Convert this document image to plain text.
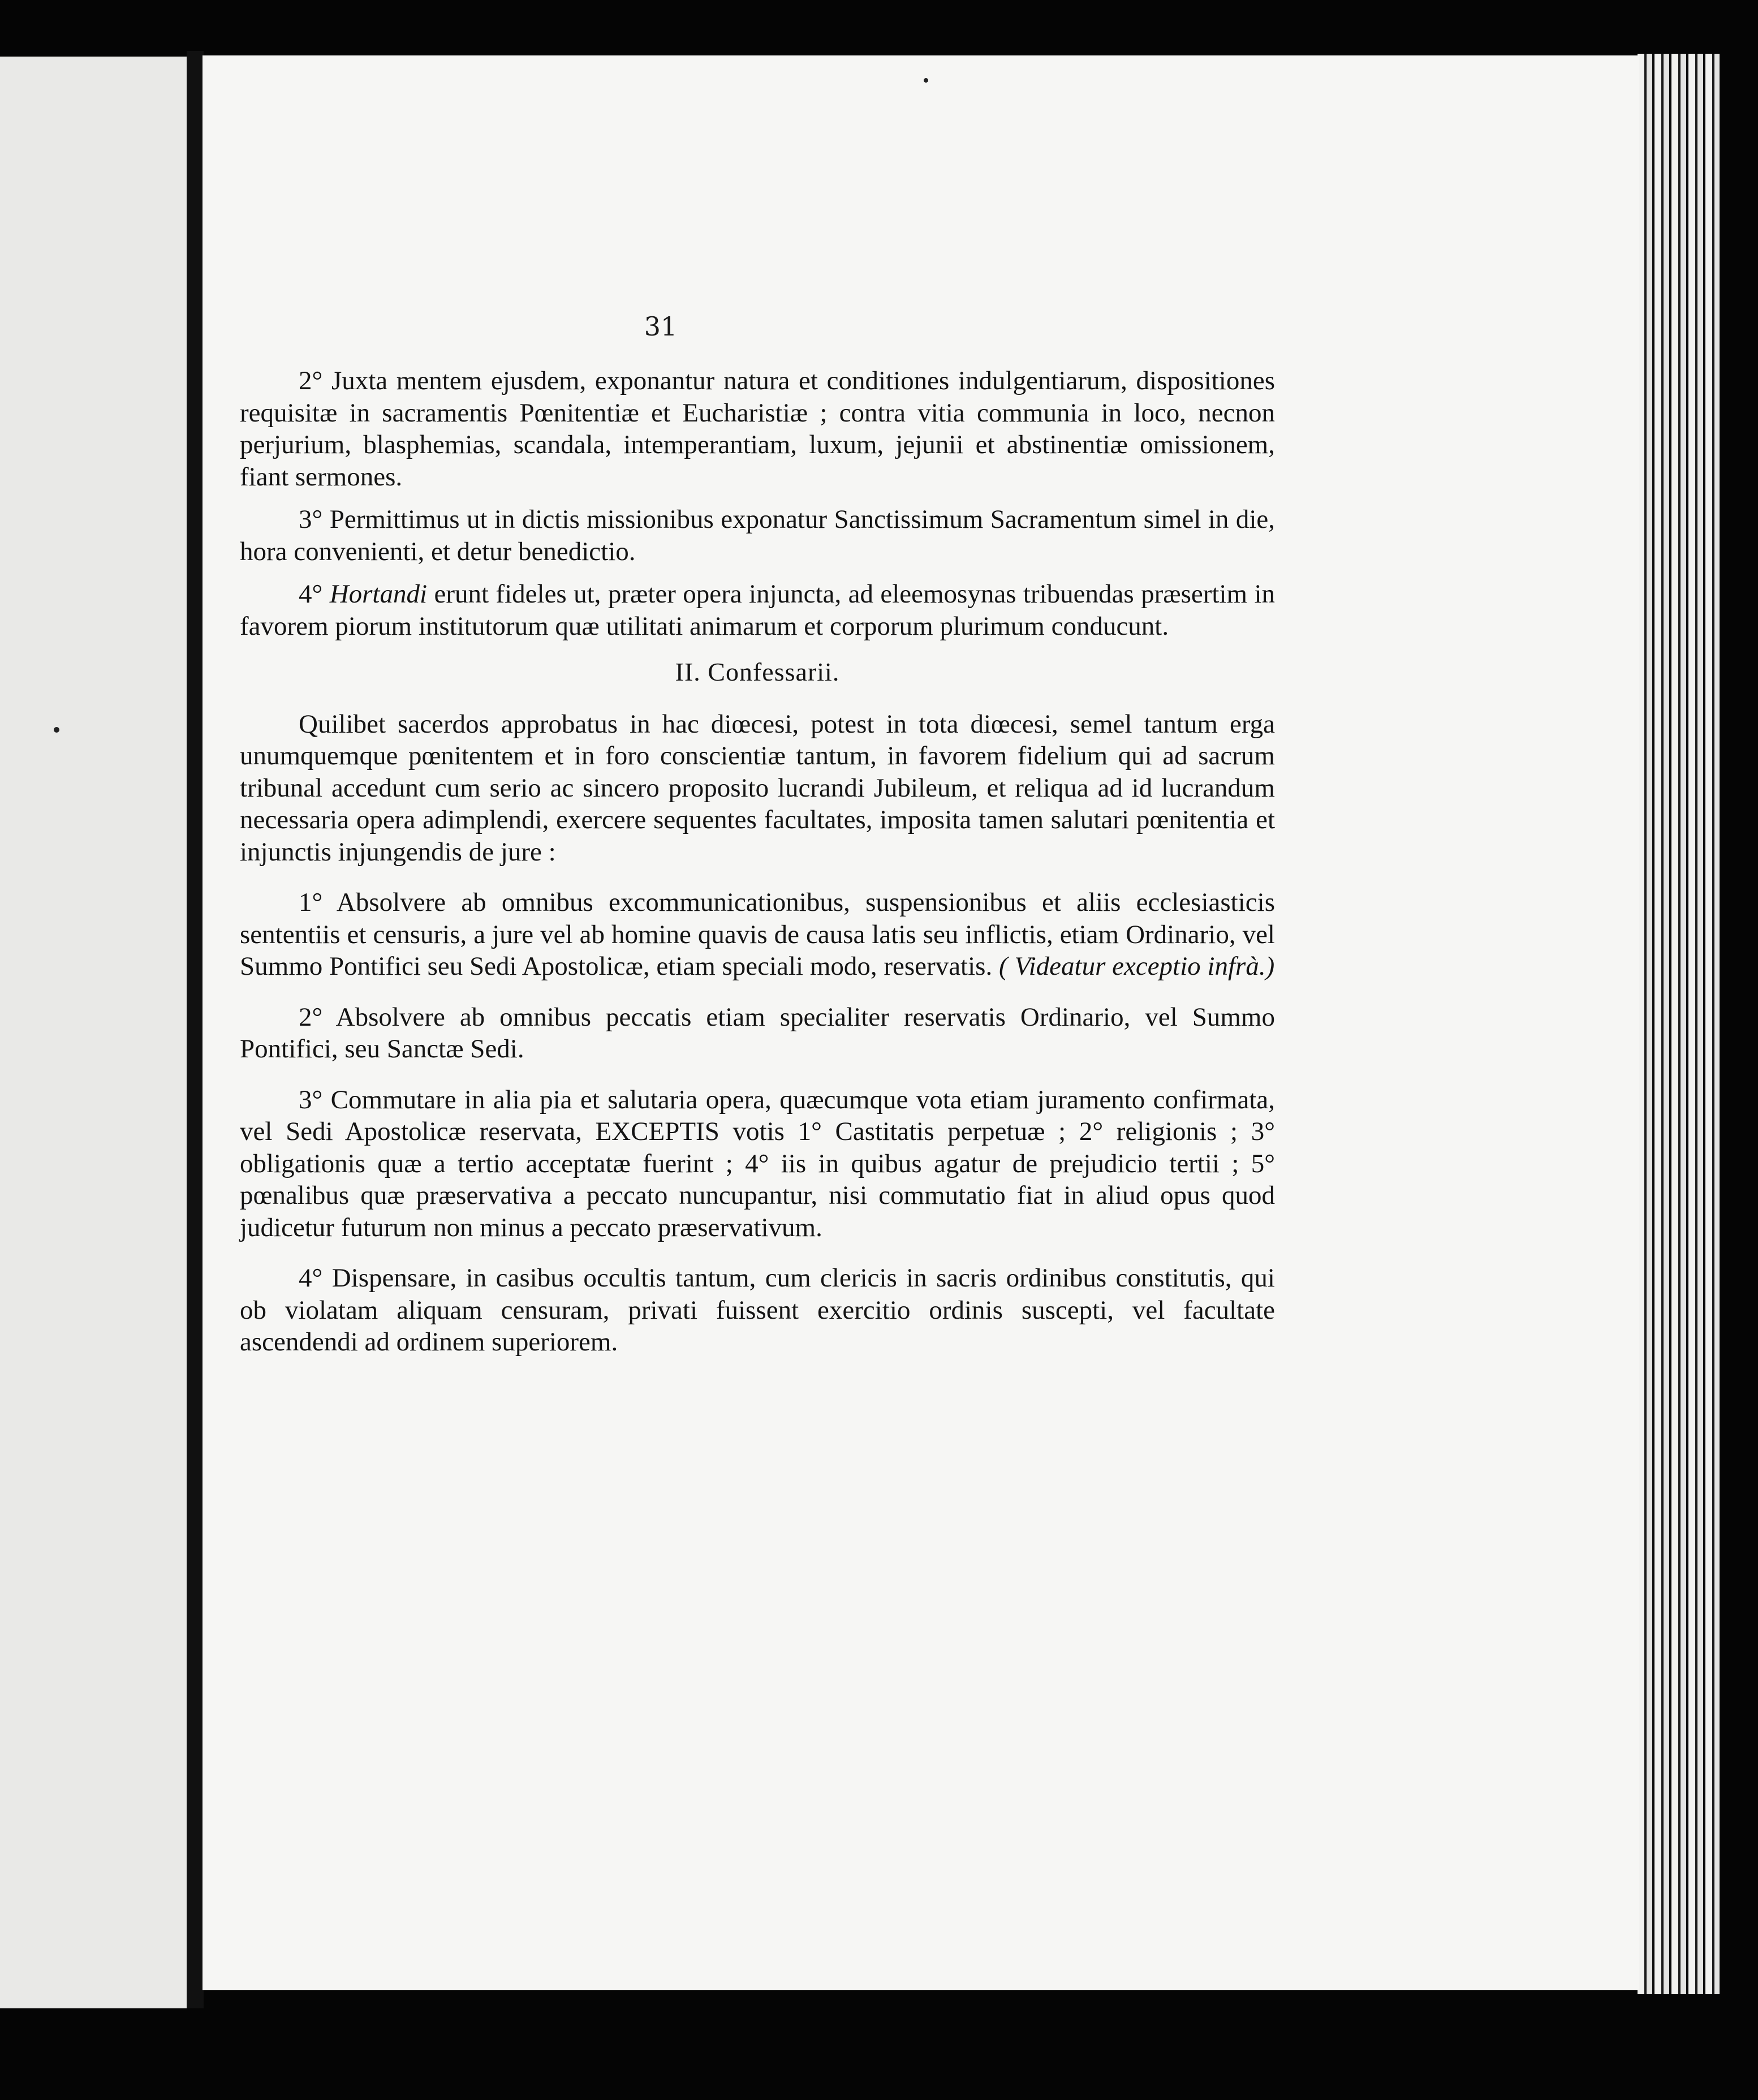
31

2° Juxta mentem ejusdem, exponantur natura et conditiones indulgentiarum, dispositiones requisitæ in sacramentis Pœnitentiæ et Eucharistiæ ; contra vitia communia in loco, necnon perjurium, blasphemias, scandala, intemperantiam, luxum, jejunii et abstinentiæ omissionem, fiant sermones.

3° Permittimus ut in dictis missionibus exponatur Sanctissimum Sacramentum simel in die, hora convenienti, et detur benedictio.

4° Hortandi erunt fideles ut, præter opera injuncta, ad eleemosynas tribuendas præsertim in favorem piorum institutorum quæ utilitati animarum et corporum plurimum conducunt.

II. Confessarii.

Quilibet sacerdos approbatus in hac diœcesi, potest in tota diœcesi, semel tantum erga unumquemque pœnitentem et in foro conscientiæ tantum, in favorem fidelium qui ad sacrum tribunal accedunt cum serio ac sincero proposito lucrandi Jubileum, et reliqua ad id lucrandum necessaria opera adimplendi, exercere sequentes facultates, imposita tamen salutari pœnitentia et injunctis injungendis de jure :

1° Absolvere ab omnibus excommunicationibus, suspensionibus et aliis ecclesiasticis sententiis et censuris, a jure vel ab homine quavis de causa latis seu inflictis, etiam Ordinario, vel Summo Pontifici seu Sedi Apostolicæ, etiam speciali modo, reservatis. ( Videatur exceptio infrà.)

2° Absolvere ab omnibus peccatis etiam specialiter reservatis Ordinario, vel Summo Pontifici, seu Sanctæ Sedi.

3° Commutare in alia pia et salutaria opera, quæcumque vota etiam juramento confirmata, vel Sedi Apostolicæ reservata, EXCEPTIS votis 1° Castitatis perpetuæ ; 2° religionis ; 3° obligationis quæ a tertio acceptatæ fuerint ; 4° iis in quibus agatur de prejudicio tertii ; 5° pœnalibus quæ præservativa a peccato nuncupantur, nisi commutatio fiat in aliud opus quod judicetur futurum non minus a peccato præservativum.

4° Dispensare, in casibus occultis tantum, cum clericis in sacris ordinibus constitutis, qui ob violatam aliquam censuram, privati fuissent exercitio ordinis suscepti, vel facultate ascendendi ad ordinem superiorem.
